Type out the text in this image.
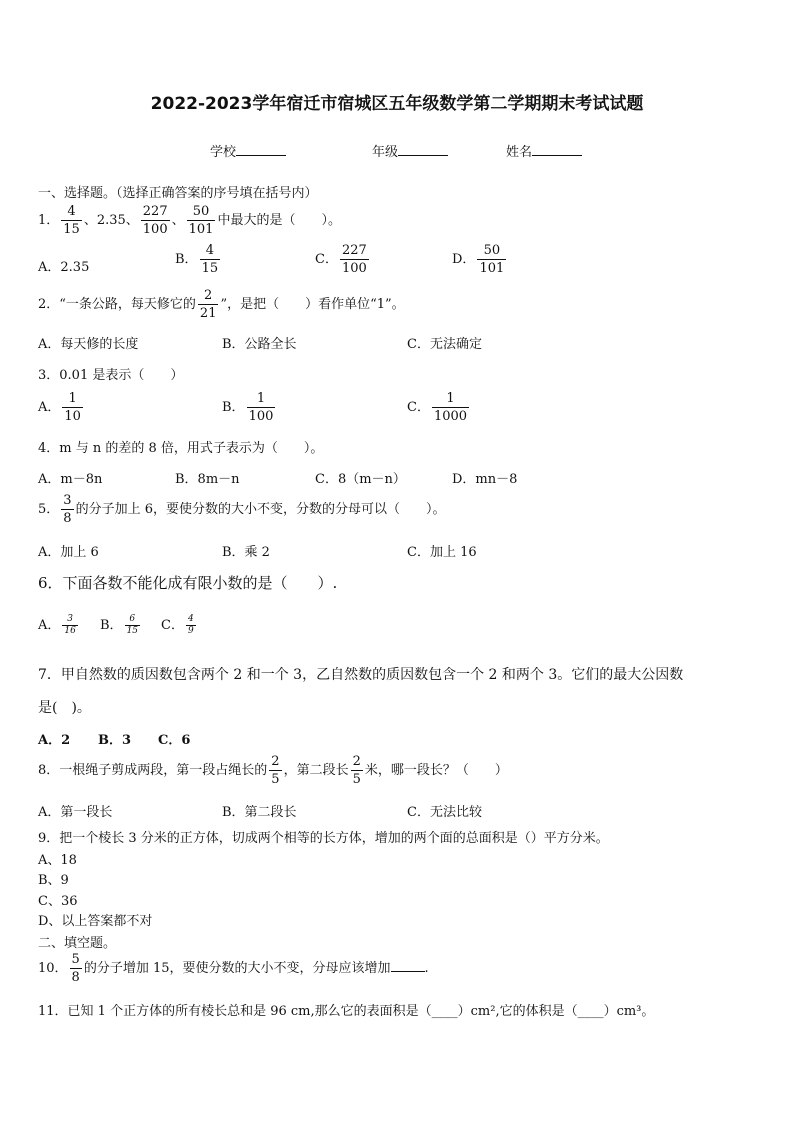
2022-2023学年宿迁市宿城区五年级数学第二学期期末考试试题
学校	年级	姓名
一、选择题。（选择正确答案的序号填在括号内）
1． $\frac{4}{15}$ 、2.35、 $\frac{227}{100}$ 、 $\frac{50}{101}$ 中最大的是（　　）。
A．2.35
B． $\frac{4}{15}$	C． $\frac{227}{100}$	D． $\frac{50}{101}$
2．“一条公路，每天修它的 $\frac{2}{21}$ ”，是把（　　）看作单位“1”。
A．每天修的长度	B．公路全长	C．无法确定
3．0.01 是表示（　　）
A． $\frac{1}{10}$	B． $\frac{1}{100}$	C． $\frac{1}{1000}$
4．m 与 n 的差的 8 倍，用式子表示为（　　）。
A．m－8n	B．8m－n	C．8（m－n）	D．mn－8
5． $\frac{3}{8}$ 的分子加上 6，要使分数的大小不变，分数的分母可以（　　）。
A．加上 6	B．乘 2	C．加上 16
6．下面各数不能化成有限小数的是（　　）.
A． $\frac{3}{16}$ B． $\frac{6}{15}$ C． $\frac{4}{9}$
7．甲自然数的质因数包含两个 2 和一个 3，乙自然数的质因数包含一个 2 和两个 3。它们的最大公因数
是(　)。
A．2 B．3 C．6
8．一根绳子剪成两段，第一段占绳长的 $\frac{2}{5}$ ，第二段长 $\frac{2}{5}$ 米，哪一段长？（　　）
A．第一段长	B．第二段长	C．无法比较
9．把一个棱长 3 分米的正方体，切成两个相等的长方体，增加的两个面的总面积是（）平方分米。
A、18
B、9
C、36
D、以上答案都不对
二、填空题。
10． $\frac{5}{8}$ 的分子增加 15，要使分数的大小不变，分母应该增加	.
11．已知 1 个正方体的所有棱长总和是 96 cm,那么它的表面积是（____）cm²,它的体积是（____）cm³。
